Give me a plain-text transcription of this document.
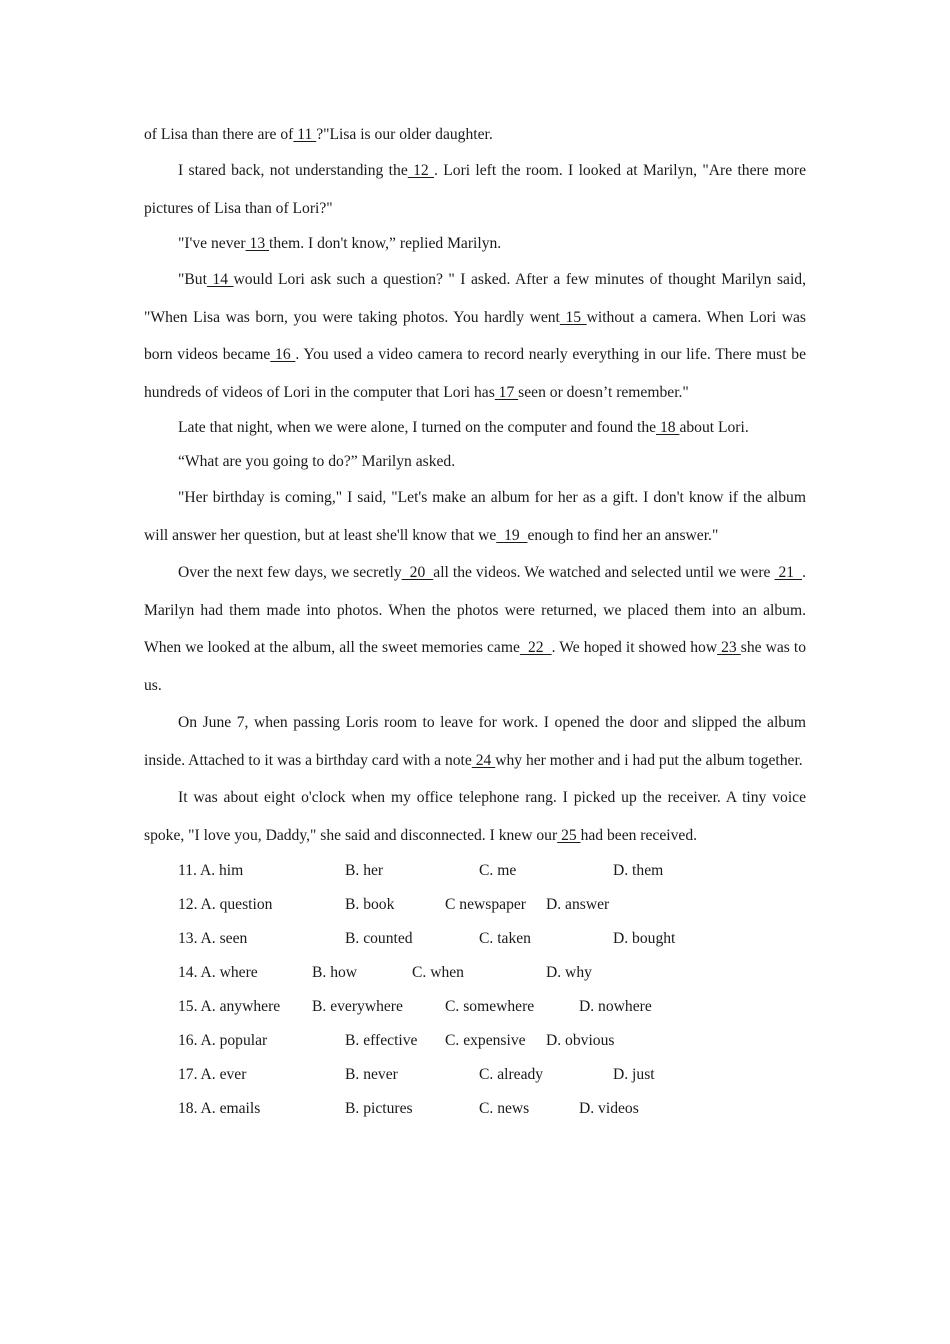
of Lisa than there are of 11 ?"Lisa is our older daughter.

I stared back, not understanding the 12 . Lori left the room. I looked at Marilyn, "Are there more pictures of Lisa than of Lori?"

"I've never 13 them. I don't know,” replied Marilyn.

"But 14 would Lori ask such a question? " I asked. After a few minutes of thought Marilyn said, "When Lisa was born, you were taking photos. You hardly went 15 without a camera. When Lori was born videos became 16 . You used a video camera to record nearly everything in our life. There must be hundreds of videos of Lori in the computer that Lori has 17 seen or doesn’t remember."

Late that night, when we were alone, I turned on the computer and found the 18 about Lori.

“What are you going to do?” Marilyn asked.

"Her birthday is coming," I said, "Let's make an album for her as a gift. I don't know if the album will answer her question, but at least she'll know that we  19  enough to find her an answer."

Over the next few days, we secretly  20  all the videos. We watched and selected until we were  21  . Marilyn had them made into photos. When the photos were returned, we placed them into an album. When we looked at the album, all the sweet memories came  22  . We hoped it showed how 23 she was to us.

On June 7, when passing Loris room to leave for work. I opened the door and slipped the album inside. Attached to it was a birthday card with a note 24 why her mother and i had put the album together.

It was about eight o'clock when my office telephone rang. I picked up the receiver. A tiny voice spoke, "I love you, Daddy," she said and disconnected. I knew our 25 had been received.

11. A. him	B. her	C. me	D. them
12. A. question	B. book	C newspaper D. answer
13. A. seen	B. counted	C. taken	D. bought
14. A. where	B. how	C. when	D. why
15. A. anywhere B. everywhere	C. somewhere	D. nowhere
16. A. popular	B. effective C. expensive D. obvious
17. A. ever	B. never	C. already	D. just
18. A. emails	B. pictures	C. news	D. videos
